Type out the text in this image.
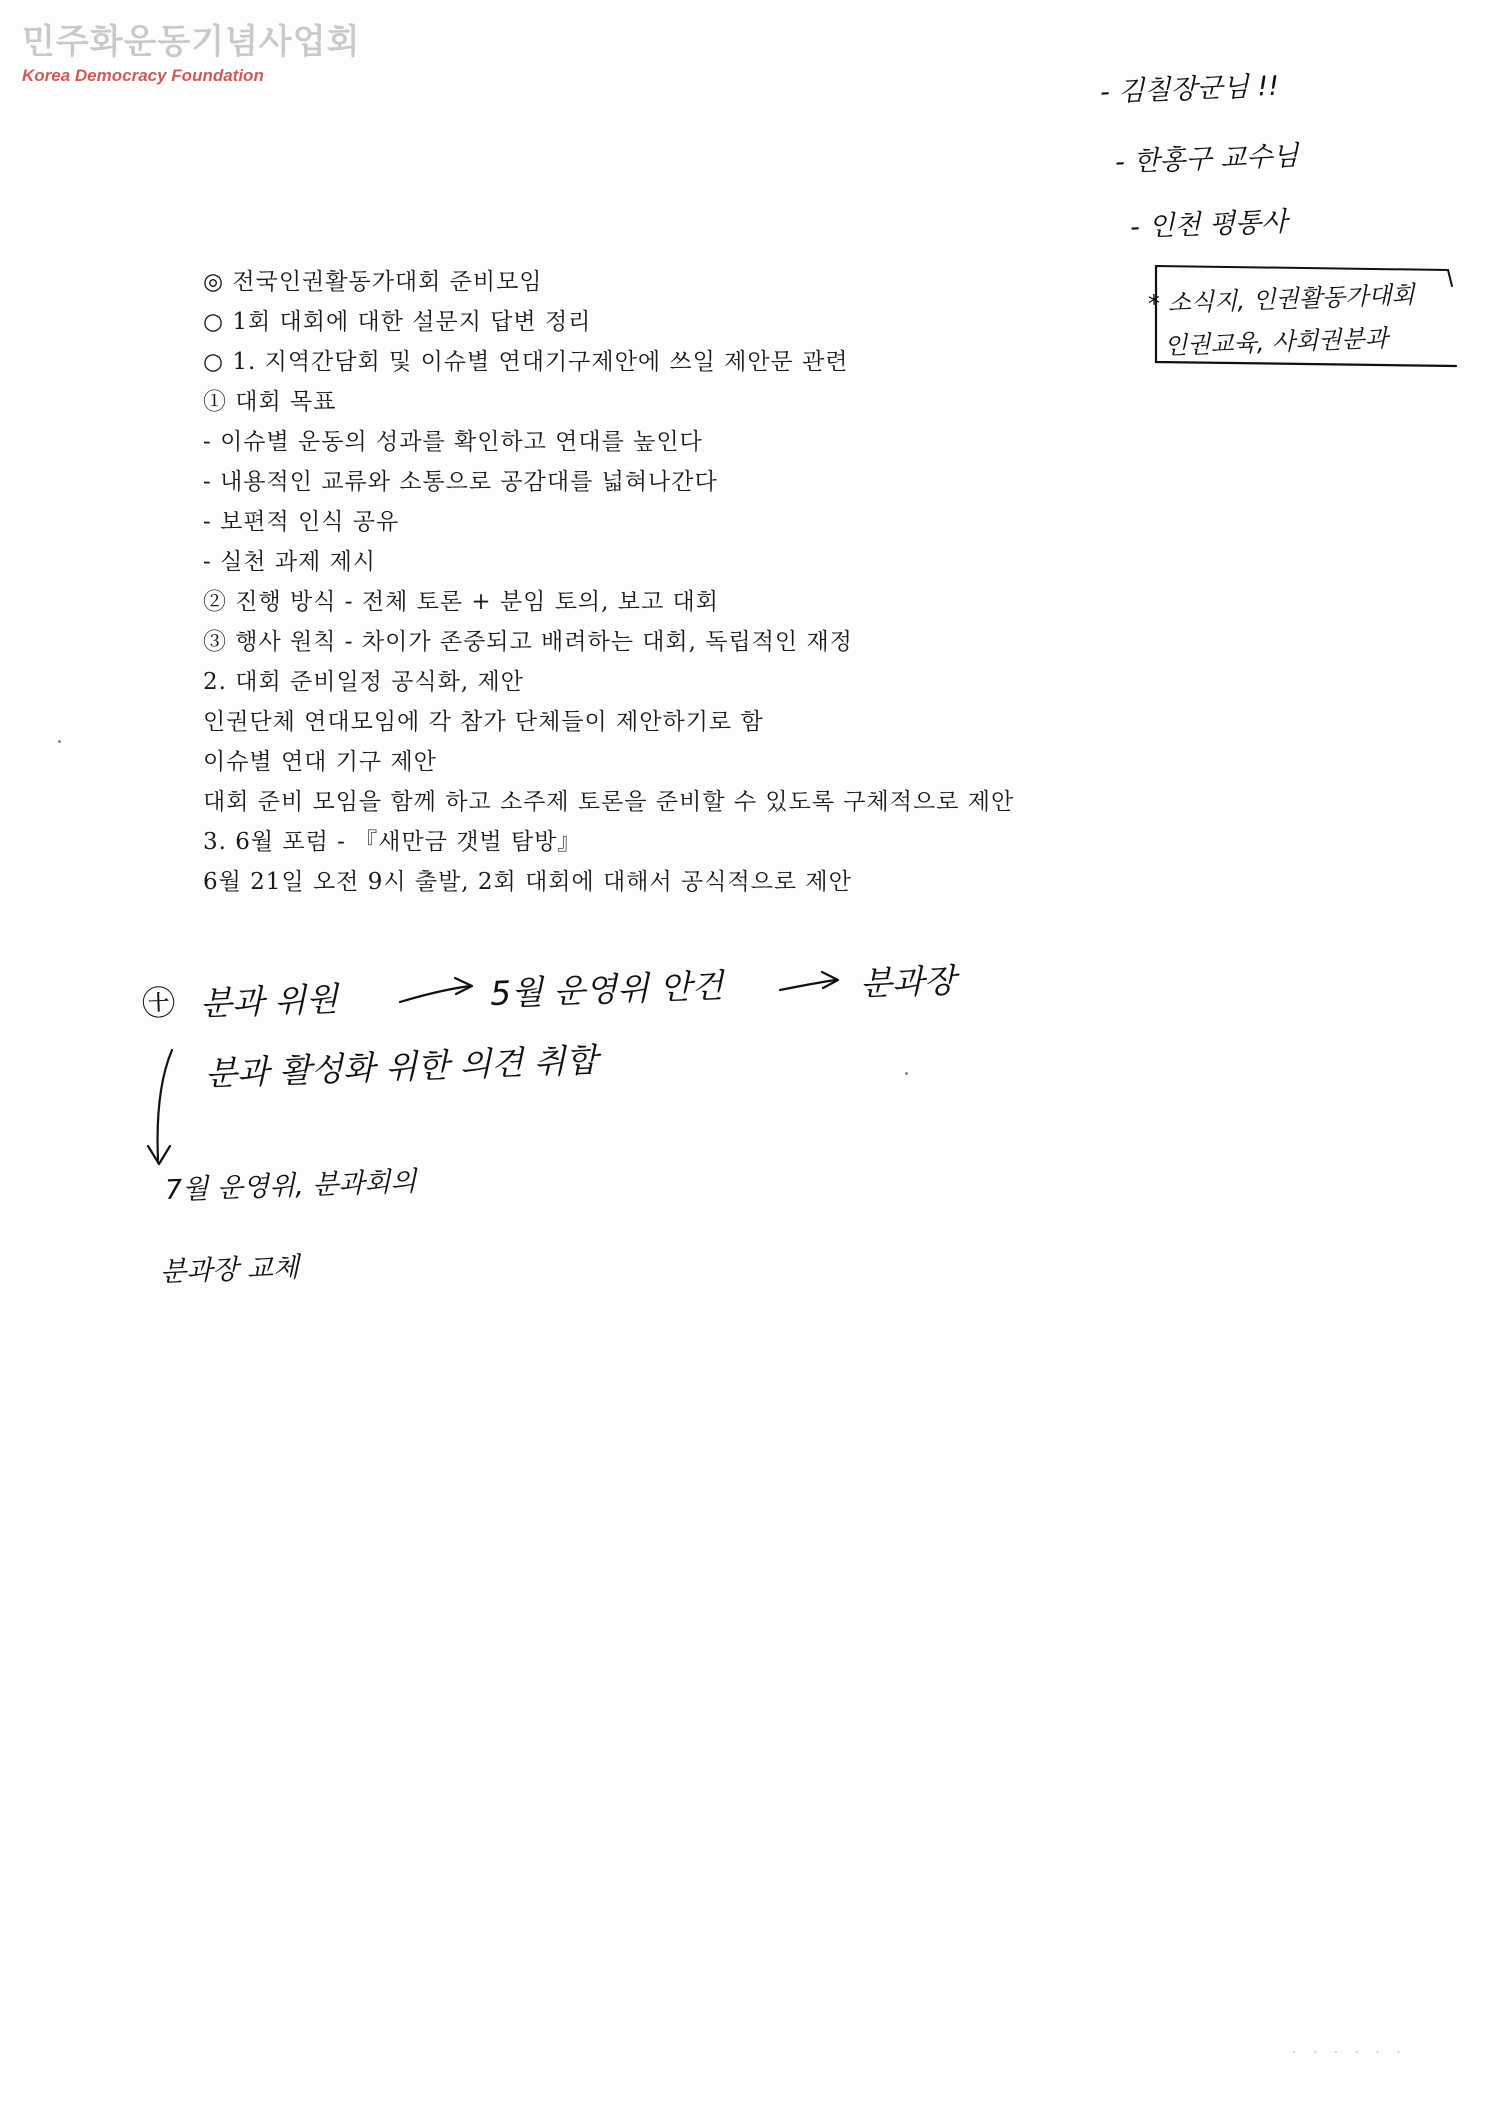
민주화운동기념사업회
Korea Democracy Foundation	- 김칠장군님 !!
- 한홍구 교수님
- 인천 평통사
* 소식지, 인권활동가대회
인권교육, 사회권분과
◎ 전국인권활동가대회 준비모임
○ 1회 대회에 대한 설문지 답변 정리
○ 1. 지역간담회 및 이슈별 연대기구제안에 쓰일 제안문 관련
① 대회 목표
- 이슈별 운동의 성과를 확인하고 연대를 높인다
- 내용적인 교류와 소통으로 공감대를 넓혀나간다
- 보편적 인식 공유
- 실천 과제 제시
② 진행 방식 - 전체 토론 + 분임 토의, 보고 대회
③ 행사 원칙 - 차이가 존중되고 배려하는 대회, 독립적인 재정
2. 대회 준비일정 공식화, 제안
인권단체 연대모임에 각 참가 단체들이 제안하기로 함
이슈별 연대 기구 제안
대회 준비 모임을 함께 하고 소주제 토론을 준비할 수 있도록 구체적으로 제안
3. 6월 포럼 - 『새만금 갯벌 탐방』
6월 21일 오전 9시 출발, 2회 대회에 대해서 공식적으로 제안
㊉ 분과 위원	5월 운영위 안건	분과장
분과 활성화 위한 의견 취합
7월 운영위, 분과회의
분과장 교체
· · · · · ·
